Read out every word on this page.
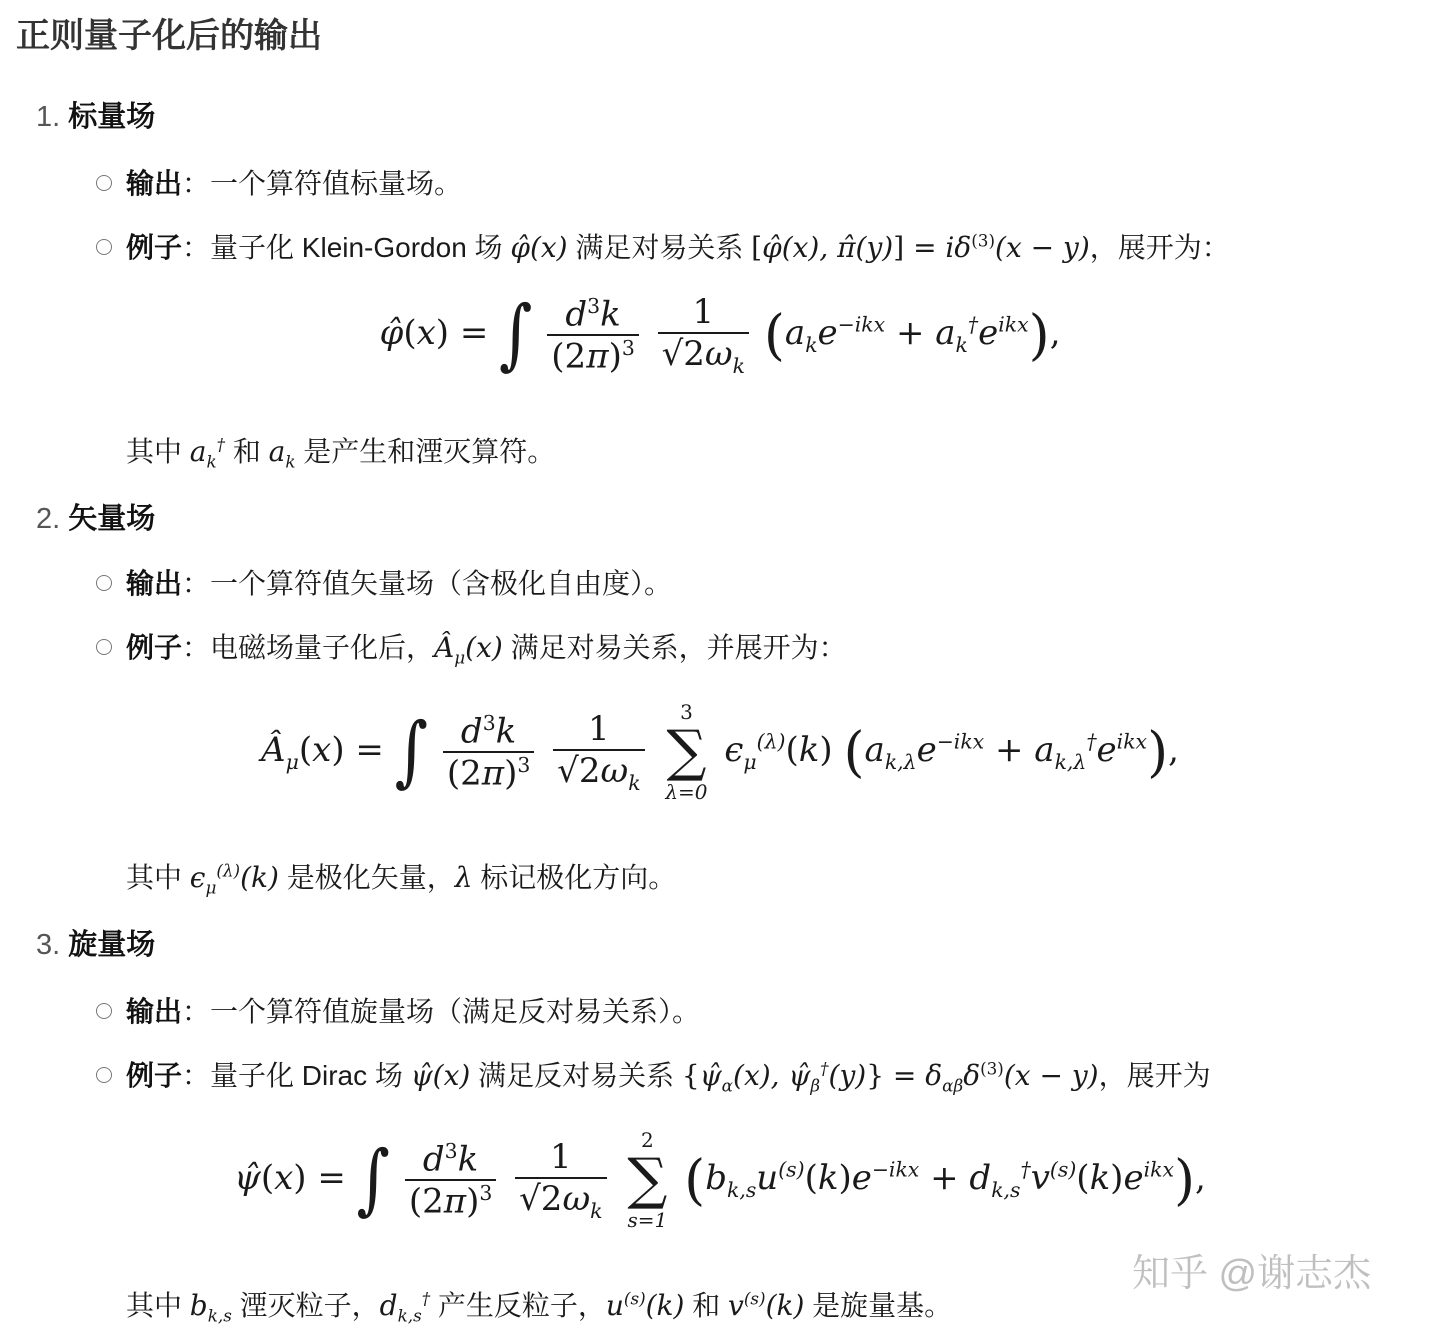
正则量子化后的输出
1. 标量场
输出：一个算符值标量场。
例子：量子化 Klein-Gordon 场 φ̂(x) 满足对易关系 [φ̂(x), π̂(y)] = $i\delta^{(3)}(x - y)$，展开为：
φ̂(x) = ∫ $\frac{d^3k}{(2\pi)^3}$
$\frac{1}{√2\omega_k} (a_ke^{-ikx} + a_k^\dagger e^{ikx})$,
其中 $a_k^\dagger$ 和 $a_k$ 是产生和湮灭算符。
2. 矢量场
输出：一个算符值矢量场（含极化自由度）。
例子：电磁场量子化后，$Â_\mu(x)$ 满足对易关系，并展开为：
$Â_\mu(x)$ = ∫ $\frac{d^3k}{(2\pi)^3}$
$\frac{1}{√2\omega_k}$
	3
∑
λ=0
$\epsilon_\mu^{(\lambda)}(k) (a_{k,\lambda}e^{-ikx} + a_{k,\lambda}^\dagger e^{ikx})$,
其中 $\epsilon_\mu^{(\lambda)}(k)$ 是极化矢量，λ 标记极化方向。
3. 旋量场
输出：一个算符值旋量场（满足反对易关系）。
例子：量子化 Dirac 场 ψ̂(x) 满足反对易关系 {$\psî_\alpha(x)$, $\psî_\beta^\dagger(y)\} = \delta_{\alpha\beta}\delta^{(3)}(x - y)$，展开为
ψ̂(x) = ∫ $\frac{d^3k}{(2\pi)^3}$
$\frac{1}{√2\omega_k}$
	2
∑
s=1
$(b_{k,s}u^{(s)}(k)e^{-ikx} + d_{k,s}^\dagger v^{(s)}(k)e^{ikx})$,
其中 $b_{k,s}$ 湮灭粒子，$d_{k,s}^\dagger$ 产生反粒子，$u^{(s)}(k)$ 和 $v^{(s)}(k)$ 是旋量基。
知乎 @谢志杰
